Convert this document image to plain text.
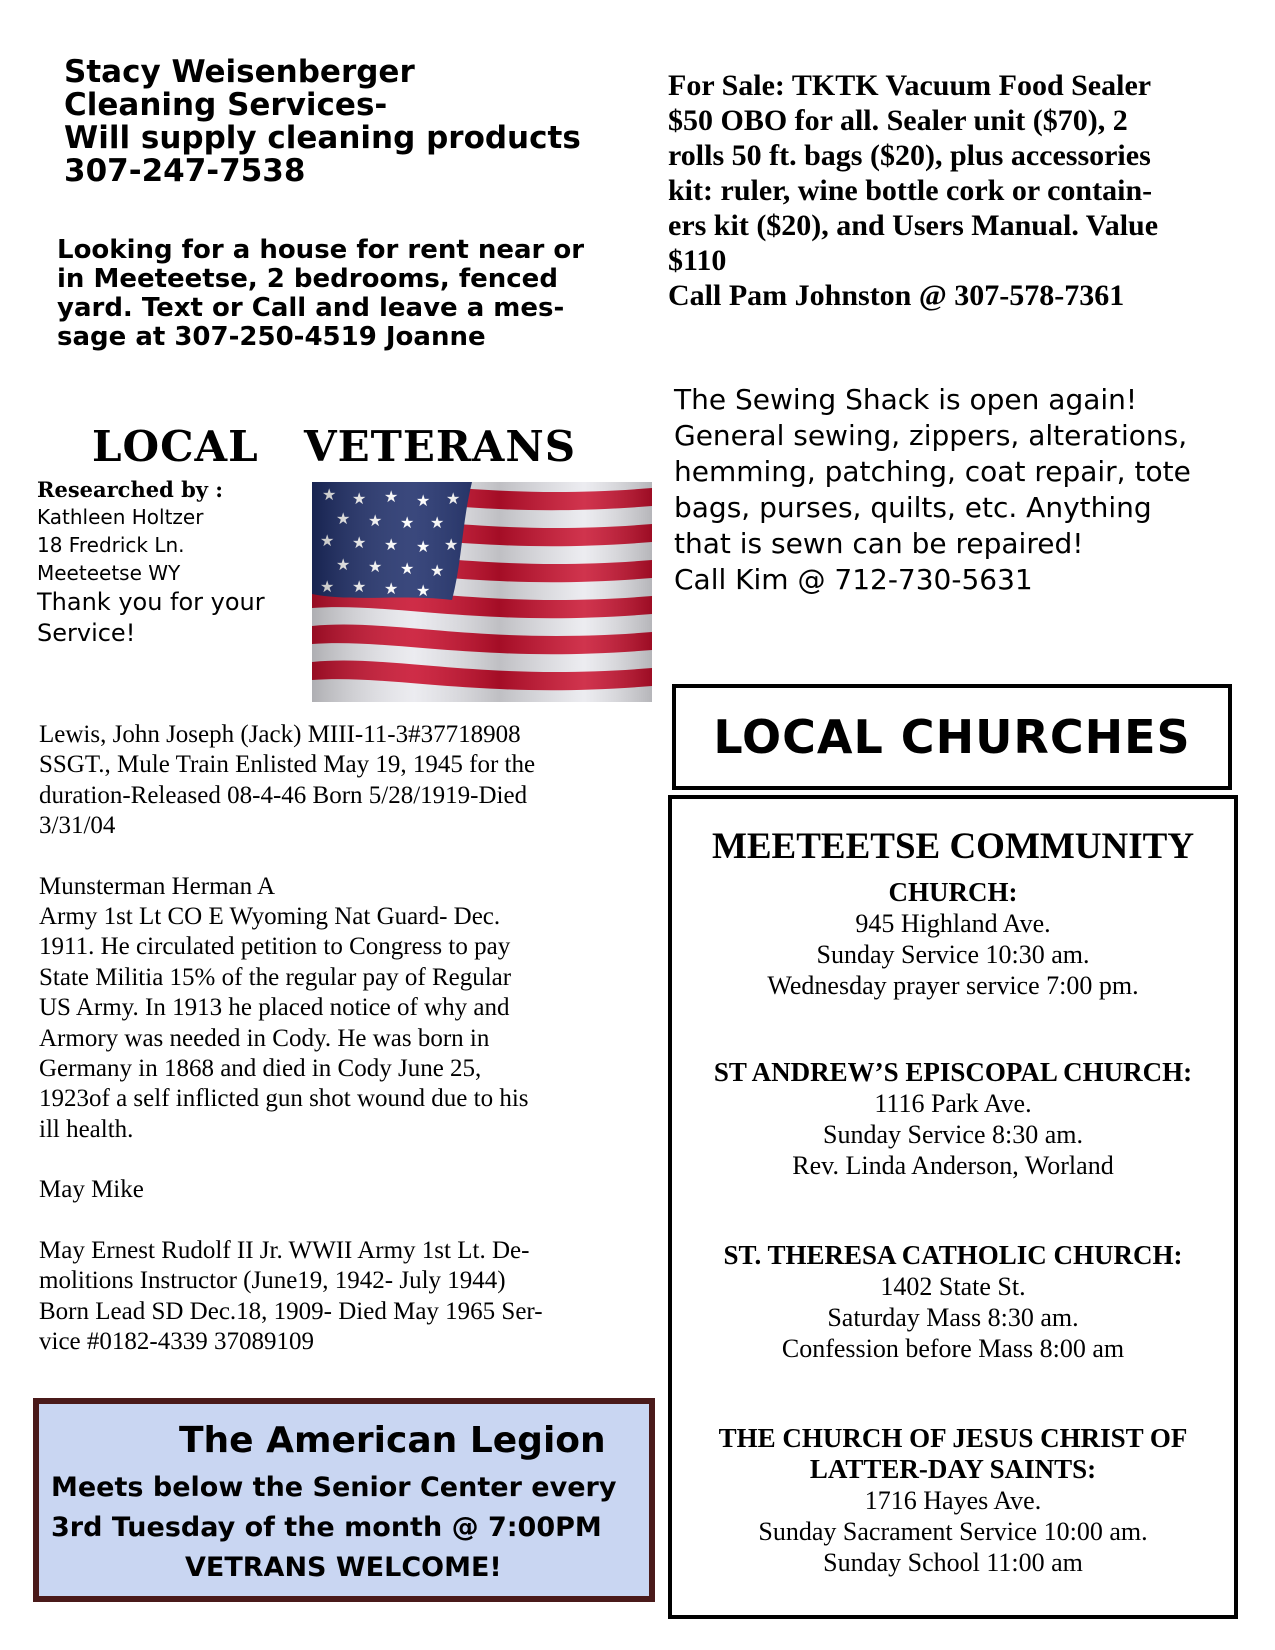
Stacy Weisenberger
Cleaning Services-
Will supply cleaning products
307-247-7538
Looking for a house for rent near or
in Meeteetse, 2 bedrooms, fenced
yard. Text or Call and leave a mes-
sage at 307-250-4519 Joanne
For Sale: TKTK Vacuum Food Sealer
$50 OBO for all. Sealer unit ($70), 2
rolls 50 ft. bags ($20), plus accessories
kit: ruler, wine bottle cork or contain-
ers kit ($20), and Users Manual. Value
$110
Call Pam Johnston @ 307-578-7361
The Sewing Shack is open again!
General sewing, zippers, alterations,
hemming, patching, coat repair, tote
bags, purses, quilts, etc. Anything
that is sewn can be repaired!
Call Kim @ 712-730-5631
LOCAL VETERANS
Researched by :
Kathleen Holtzer
18 Fredrick Ln.
Meeteetse WY
Thank you for your
Service!
Lewis, John Joseph (Jack) MIII-11-3#37718908
SSGT., Mule Train Enlisted May 19, 1945 for the
duration-Released 08-4-46 Born 5/28/1919-Died
3/31/04
Munsterman Herman A
Army 1st Lt CO E Wyoming Nat Guard- Dec.
1911. He circulated petition to Congress to pay
State Militia 15% of the regular pay of Regular
US Army. In 1913 he placed notice of why and
Armory was needed in Cody. He was born in
Germany in 1868 and died in Cody June 25,
1923of a self inflicted gun shot wound due to his
ill health.
May Mike
May Ernest Rudolf II Jr. WWII Army 1st Lt. De-
molitions Instructor (June19, 1942- July 1944)
Born Lead SD Dec.18, 1909- Died May 1965 Ser-
vice #0182-4339 37089109
The American Legion
Meets below the Senior Center every
3rd Tuesday of the month @ 7:00PM
VETRANS WELCOME!
LOCAL CHURCHES
MEETEETSE COMMUNITY
CHURCH:
945 Highland Ave.
Sunday Service 10:30 am.
Wednesday prayer service 7:00 pm.
ST ANDREW’S EPISCOPAL CHURCH:
1116 Park Ave.
Sunday Service 8:30 am.
Rev. Linda Anderson, Worland
ST. THERESA CATHOLIC CHURCH:
1402 State St.
Saturday Mass 8:30 am.
Confession before Mass 8:00 am
THE CHURCH OF JESUS CHRIST OF
LATTER-DAY SAINTS:
1716 Hayes Ave.
Sunday Sacrament Service 10:00 am.
Sunday School 11:00 am
